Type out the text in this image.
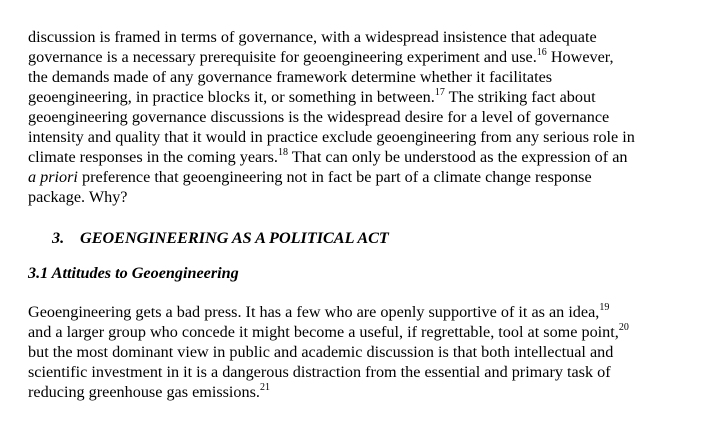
discussion is framed in terms of governance, with a widespread insistence that adequate
governance is a necessary prerequisite for geoengineering experiment and use.$^{16}$ However,
the demands made of any governance framework determine whether it facilitates
geoengineering, in practice blocks it, or something in between.$^{17}$ The striking fact about
geoengineering governance discussions is the widespread desire for a level of governance
intensity and quality that it would in practice exclude geoengineering from any serious role in
climate responses in the coming years.$^{18}$ That can only be understood as the expression of an
a priori preference that geoengineering not in fact be part of a climate change response
package. Why?

3. GEOENGINEERING AS A POLITICAL ACT
3.1 Attitudes to Geoengineering

Geoengineering gets a bad press. It has a few who are openly supportive of it as an idea,$^{19}$
and a larger group who concede it might become a useful, if regrettable, tool at some point,$^{20}$
but the most dominant view in public and academic discussion is that both intellectual and
scientific investment in it is a dangerous distraction from the essential and primary task of
reducing greenhouse gas emissions.$^{21}$
